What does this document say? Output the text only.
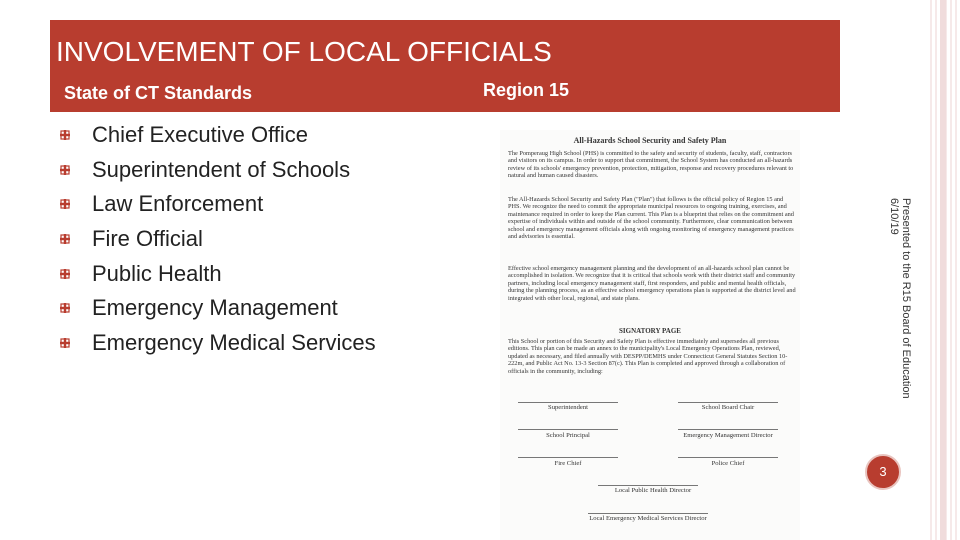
INVOLVEMENT OF LOCAL OFFICIALS
State of CT Standards	Region 15
Chief Executive Office
Superintendent of Schools
Law Enforcement
Fire Official
Public Health
Emergency Management
Emergency Medical Services
All-Hazards School Security and Safety Plan

The Pomperaug High School (PHS) is committed to the safety and security of students, faculty, staff, contractors and visitors on its campus. In order to support that commitment, the School System has conducted an all-hazards review of its schools' emergency prevention, protection, mitigation, response and recovery procedures relevant to natural and human caused disasters.

The All-Hazards School Security and Safety Plan ("Plan") that follows is the official policy of Region 15 and PHS. We recognize the need to commit the appropriate municipal resources to ongoing training, exercises, and maintenance required in order to keep the Plan current. This Plan is a blueprint that relies on the commitment and expertise of individuals within and outside of the school community. Furthermore, clear communication between school and emergency management officials along with ongoing monitoring of emergency management practices and advisories is essential.

Effective school emergency management planning and the development of an all-hazards school plan cannot be accomplished in isolation. We recognize that it is critical that schools work with their district staff and community partners, including local emergency management staff, first responders, and public and mental health officials, during the planning process, as an effective school emergency operations plan is supported at the district level and integrated with other local, regional, and state plans.

SIGNATORY PAGE

This School or portion of this Security and Safety Plan is effective immediately and supersedes all previous editions. This plan can be made an annex to the municipality's Local Emergency Operations Plan, reviewed, updated as necessary, and filed annually with DESPP/DEMHS under Connecticut General Statutes Section 10-222m, and Public Act No. 13-3 Section 87(c). This Plan is completed and approved through a collaboration of officials in the community, including:

Superintendent	School Board Chair
School Principal	Emergency Management Director
Fire Chief	Police Chief
Local Public Health Director
Local Emergency Medical Services Director
Presented to the R15 Board of Education
6/10/19
3
